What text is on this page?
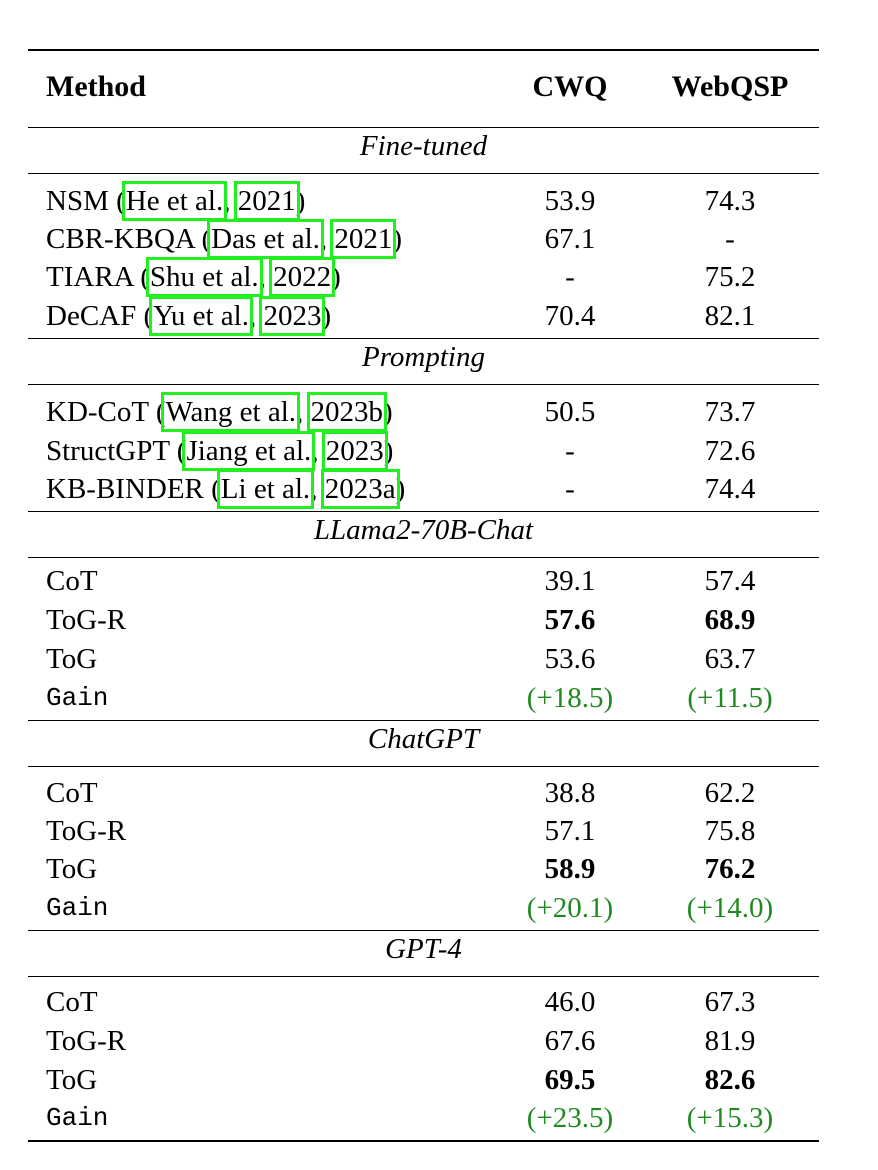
Method	CWQ	WebQSP
Fine-tuned
NSM (He et al., 2021)	53.9	74.3
CBR-KBQA (Das et al., 2021)	67.1	-
TIARA (Shu et al., 2022)	-	75.2
DeCAF (Yu et al., 2023)	70.4	82.1
Prompting
KD-CoT (Wang et al., 2023b)	50.5	73.7
StructGPT (Jiang et al., 2023)	-	72.6
KB-BINDER (Li et al., 2023a)	-	74.4
LLama2-70B-Chat
CoT	39.1	57.4
ToG-R	57.6	68.9
ToG	53.6	63.7
Gain	(+18.5)	(+11.5)
ChatGPT
CoT	38.8	62.2
ToG-R	57.1	75.8
ToG	58.9	76.2
Gain	(+20.1)	(+14.0)
GPT-4
CoT	46.0	67.3
ToG-R	67.6	81.9
ToG	69.5	82.6
Gain	(+23.5)	(+15.3)
